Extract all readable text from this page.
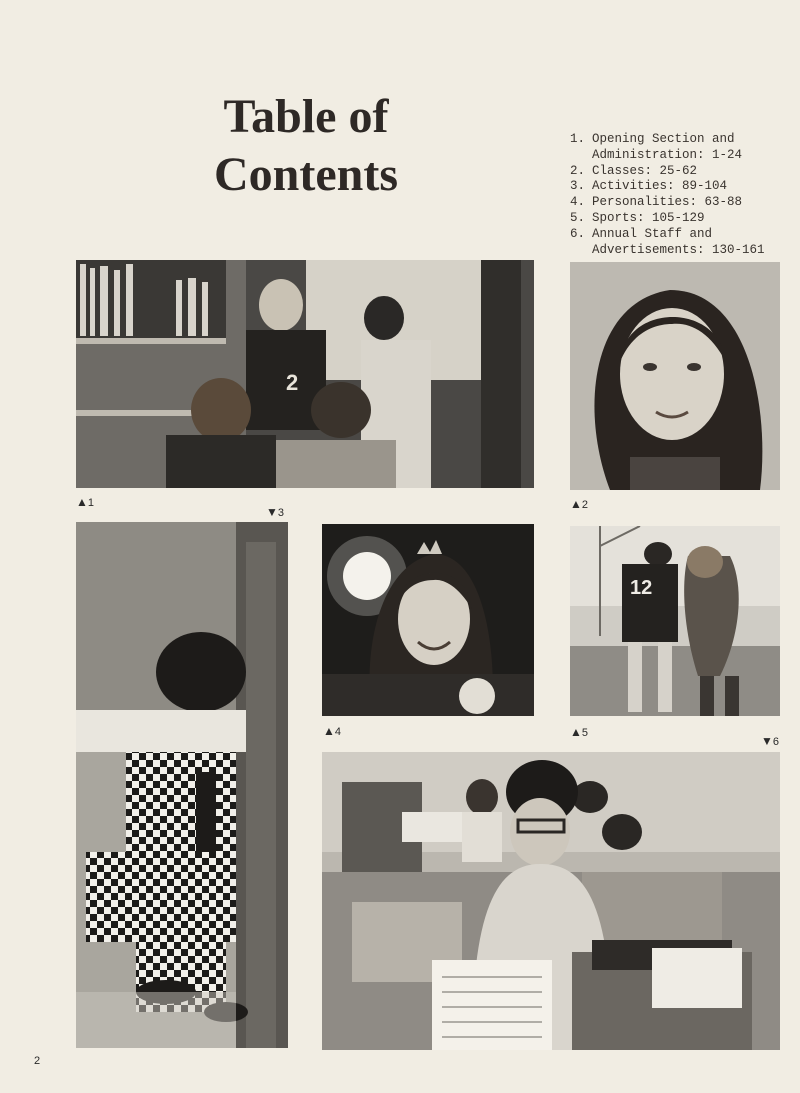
Table of
Contents
1. Opening Section and Administration: 1-24
2. Classes: 25-62
3. Activities: 89-104
4. Personalities: 63-88
5. Sports: 105-129
6. Annual Staff and Advertisements: 130-161
2
12
▲1	▲2
▼3
▲4	▲5
▼6
2
